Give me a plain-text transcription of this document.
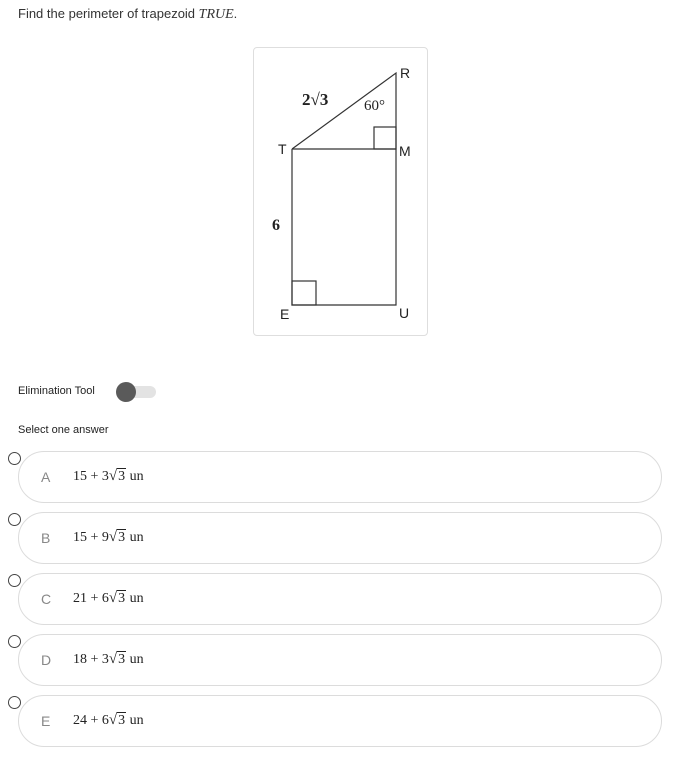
Find the perimeter of trapezoid TRUE.
R
M
T
E	U
2√3
6
60°
Elimination Tool
Select one answer
A 15 + 3√3 un
B 15 + 9√3 un
C 21 + 6√3 un
D 18 + 3√3 un
E 24 + 6√3 un
